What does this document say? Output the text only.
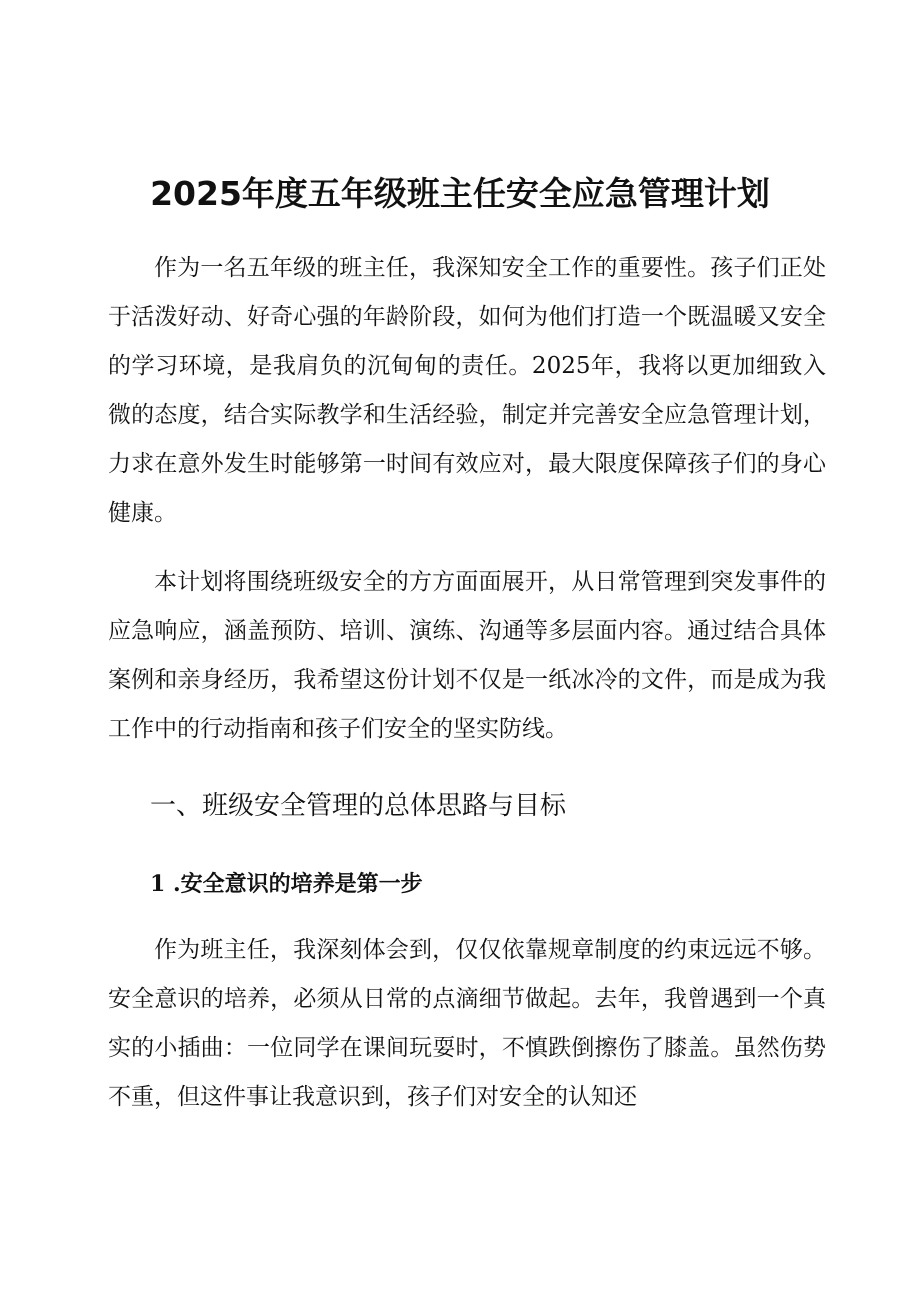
2025年度五年级班主任安全应急管理计划

作为一名五年级的班主任，我深知安全工作的重要性。孩子们正处于活泼好动、好奇心强的年龄阶段，如何为他们打造一个既温暖又安全的学习环境，是我肩负的沉甸甸的责任。2025年，我将以更加细致入微的态度，结合实际教学和生活经验，制定并完善安全应急管理计划，力求在意外发生时能够第一时间有效应对，最大限度保障孩子们的身心健康。

本计划将围绕班级安全的方方面面展开，从日常管理到突发事件的应急响应，涵盖预防、培训、演练、沟通等多层面内容。通过结合具体案例和亲身经历，我希望这份计划不仅是一纸冰冷的文件，而是成为我工作中的行动指南和孩子们安全的坚实防线。

一、班级安全管理的总体思路与目标
1 .安全意识的培养是第一步

作为班主任，我深刻体会到，仅仅依靠规章制度的约束远远不够。安全意识的培养，必须从日常的点滴细节做起。去年，我曾遇到一个真实的小插曲：一位同学在课间玩耍时，不慎跌倒擦伤了膝盖。虽然伤势不重，但这件事让我意识到，孩子们对安全的认知还
